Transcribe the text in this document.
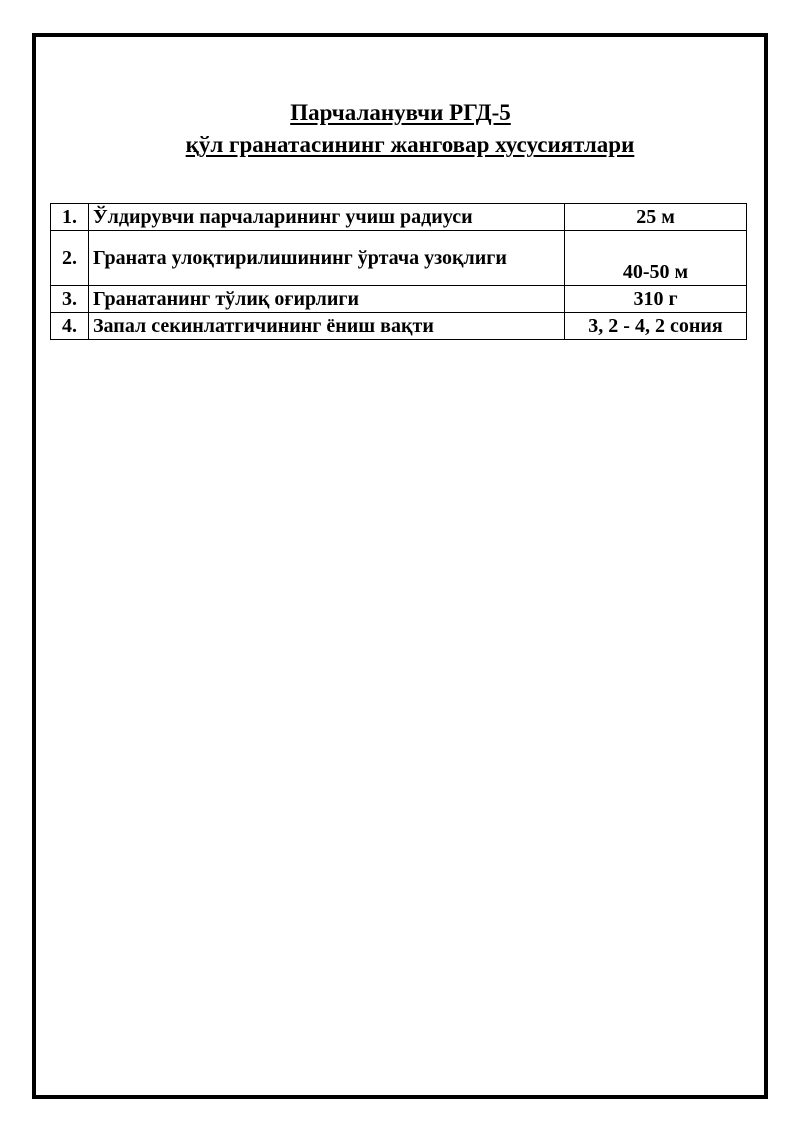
Парчаланувчи РГД-5
қўл гранатасининг жанговар хусусиятлари
1.	Ўлдирувчи парчаларининг учиш радиуси	25 м
2.	Граната улоқтирилишининг ўртача узоқлиги	40-50 м
3.	Гранатанинг тўлиқ оғирлиги	310 г
4.	Запал секинлатгичининг ёниш вақти	3, 2 - 4, 2 сония
